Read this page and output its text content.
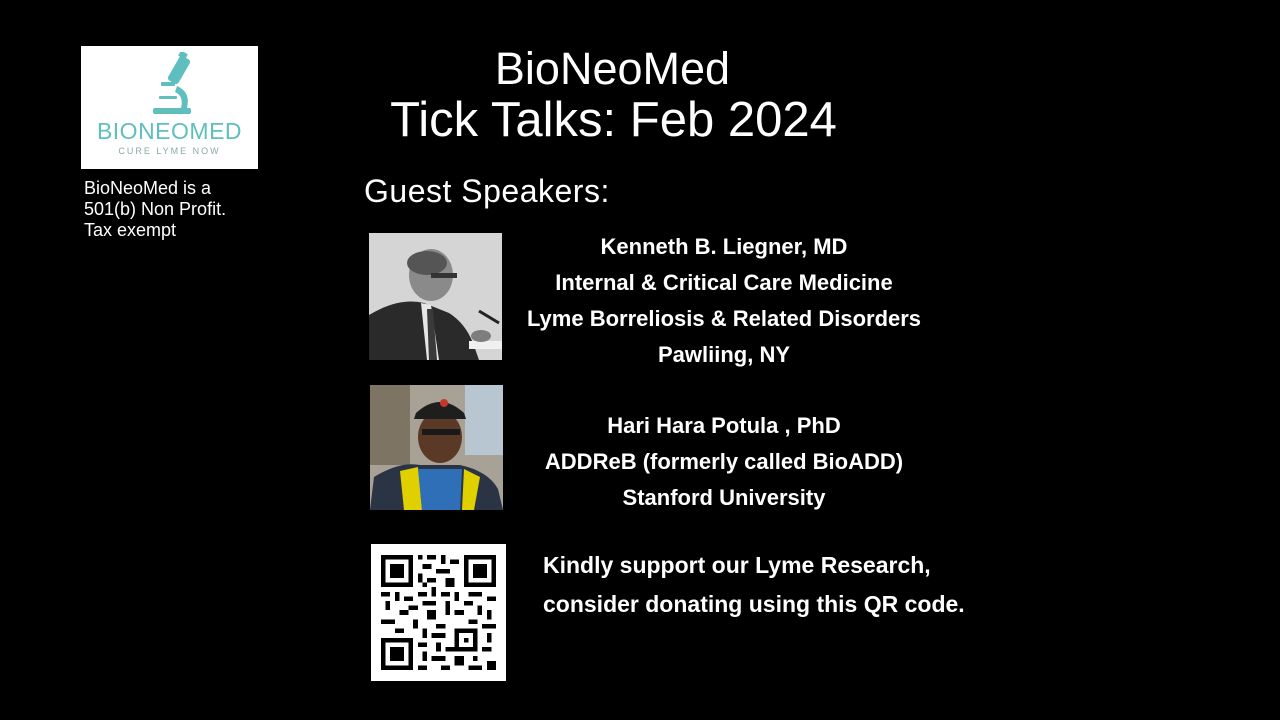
BIONEOMED
CURE LYME NOW
BioNeoMed is a
501(b) Non Profit.
Tax exempt
BioNeoMed
Tick Talks: Feb 2024
Guest Speakers:
Kenneth B. Liegner, MD
Internal & Critical Care Medicine
Lyme Borreliosis & Related Disorders
Pawliing, NY
Hari Hara Potula , PhD
ADDReB (formerly called BioADD)
Stanford University
Kindly support our Lyme Research,
consider donating using this QR code.
